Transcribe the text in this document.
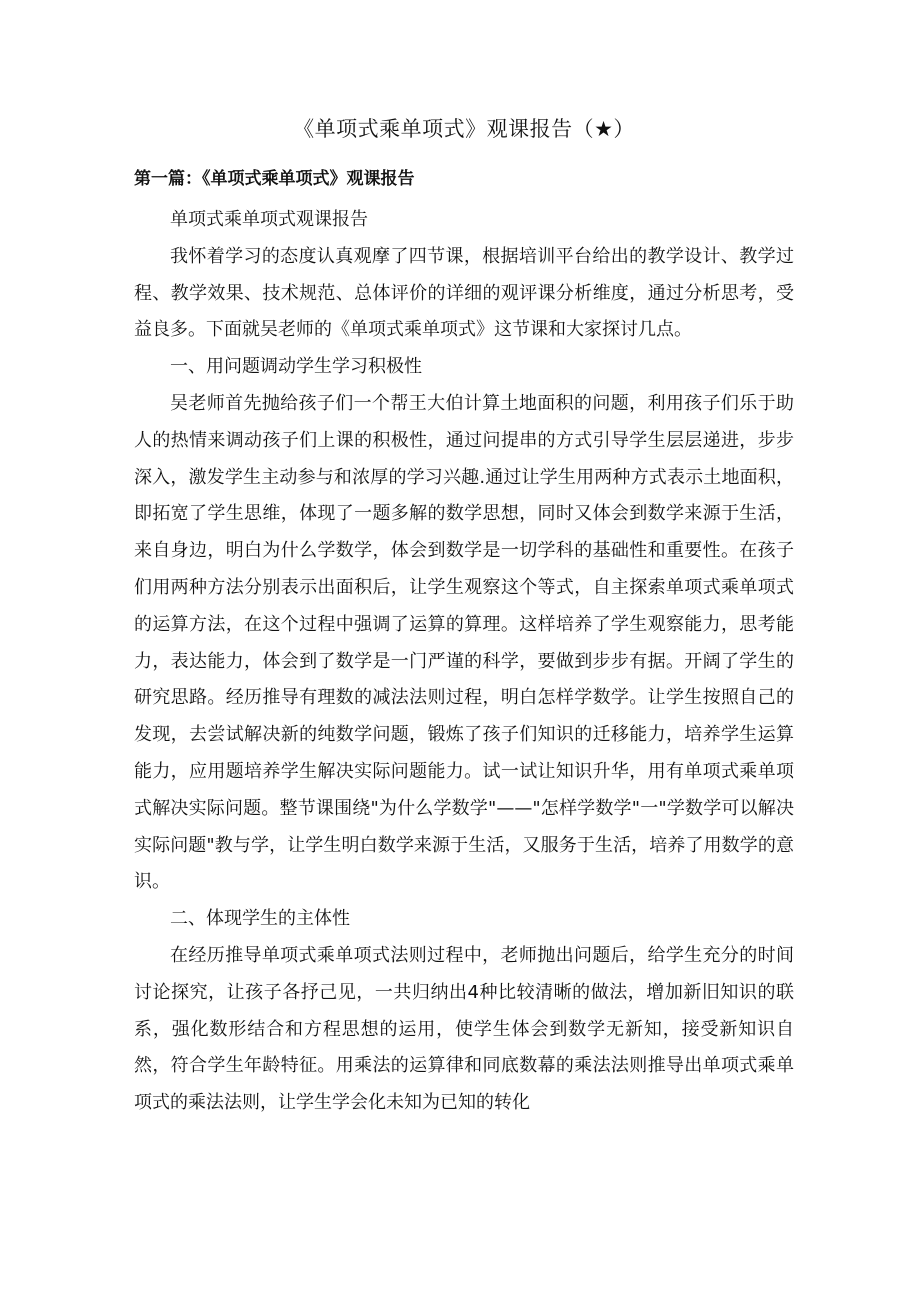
《单项式乘单项式》观课报告（★）
第一篇：《单项式乘单项式》观课报告

单项式乘单项式观课报告

我怀着学习的态度认真观摩了四节课，根据培训平台给出的教学设计、教学过程、教学效果、技术规范、总体评价的详细的观评课分析维度，通过分析思考，受益良多。下面就吴老师的《单项式乘单项式》这节课和大家探讨几点。

一、用问题调动学生学习积极性

吴老师首先抛给孩子们一个帮王大伯计算土地面积的问题，利用孩子们乐于助人的热情来调动孩子们上课的积极性，通过问提串的方式引导学生层层递进，步步深入，激发学生主动参与和浓厚的学习兴趣.通过让学生用两种方式表示土地面积，即拓宽了学生思维，体现了一题多解的数学思想，同时又体会到数学来源于生活，来自身边，明白为什么学数学，体会到数学是一切学科的基础性和重要性。在孩子们用两种方法分别表示出面积后，让学生观察这个等式，自主探索单项式乘单项式的运算方法，在这个过程中强调了运算的算理。这样培养了学生观察能力，思考能力，表达能力，体会到了数学是一门严谨的科学，要做到步步有据。开阔了学生的研究思路。经历推导有理数的减法法则过程，明白怎样学数学。让学生按照自己的发现，去尝试解决新的纯数学问题，锻炼了孩子们知识的迁移能力，培养学生运算能力，应用题培养学生解决实际问题能力。试一试让知识升华，用有单项式乘单项式解决实际问题。整节课围绕"为什么学数学"——"怎样学数学"一"学数学可以解决实际问题"教与学，让学生明白数学来源于生活，又服务于生活，培养了用数学的意识。

二、体现学生的主体性

在经历推导单项式乘单项式法则过程中，老师抛出问题后，给学生充分的时间讨论探究，让孩子各抒己见，一共归纳出4种比较清晰的做法，增加新旧知识的联系，强化数形结合和方程思想的运用，使学生体会到数学无新知，接受新知识自然，符合学生年龄特征。用乘法的运算律和同底数幕的乘法法则推导出单项式乘单项式的乘法法则，让学生学会化未知为已知的转化
